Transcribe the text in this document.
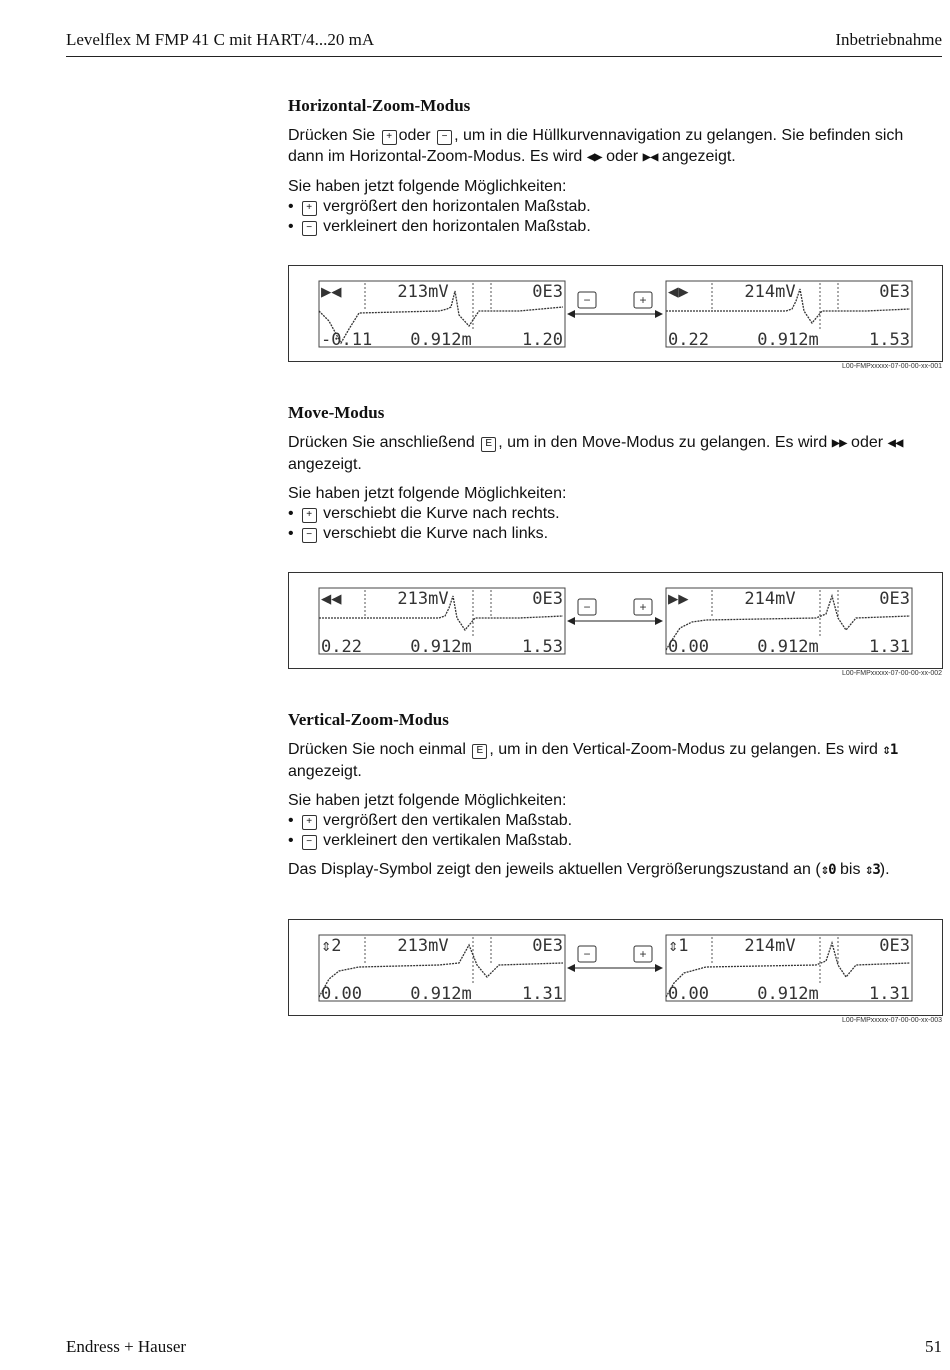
Levelflex M FMP 41 C mit HART/4...20 mA	Inbetriebnahme
Horizontal-Zoom-Modus

Drücken Sie + oder − , um in die Hüllkurvennavigation zu gelangen. Sie befinden sich dann im Horizontal-Zoom-Modus. Es wird ◀▶ oder ▶◀ angezeigt.

Sie haben jetzt folgende Möglichkeiten:

• + vergrößert den horizontalen Maßstab.
• − verkleinert den horizontalen Maßstab.
▶◀	213mV	0E3
-0.11 0.912m	1.20
◀▶	214mV	0E3
0.22	0.912m	1.53
−	+
L00-FMPxxxxx-07-00-00-xx-001
Move-Modus

Drücken Sie anschließend E , um in den Move-Modus zu gelangen. Es wird ▶▶ oder ◀◀ angezeigt.

Sie haben jetzt folgende Möglichkeiten:

• + verschiebt die Kurve nach rechts.
• − verschiebt die Kurve nach links.
◀◀	213mV	0E3
0.22	0.912m	1.53
▶▶	214mV	0E3
0.00	0.912m	1.31
−	+
L00-FMPxxxxx-07-00-00-xx-002
Vertical-Zoom-Modus

Drücken Sie noch einmal E , um in den Vertical-Zoom-Modus zu gelangen. Es wird ⇕1 angezeigt.

Sie haben jetzt folgende Möglichkeiten:

• + vergrößert den vertikalen Maßstab.
• − verkleinert den vertikalen Maßstab.

Das Display-Symbol zeigt den jeweils aktuellen Vergrößerungszustand an (⇕0 bis ⇕3).

⇕2	213mV	0E3
0.00	0.912m	1.31
⇕1	214mV	0E3
0.00	0.912m	1.31
−	+
L00-FMPxxxxx-07-00-00-xx-003
Endress + Hauser	51
